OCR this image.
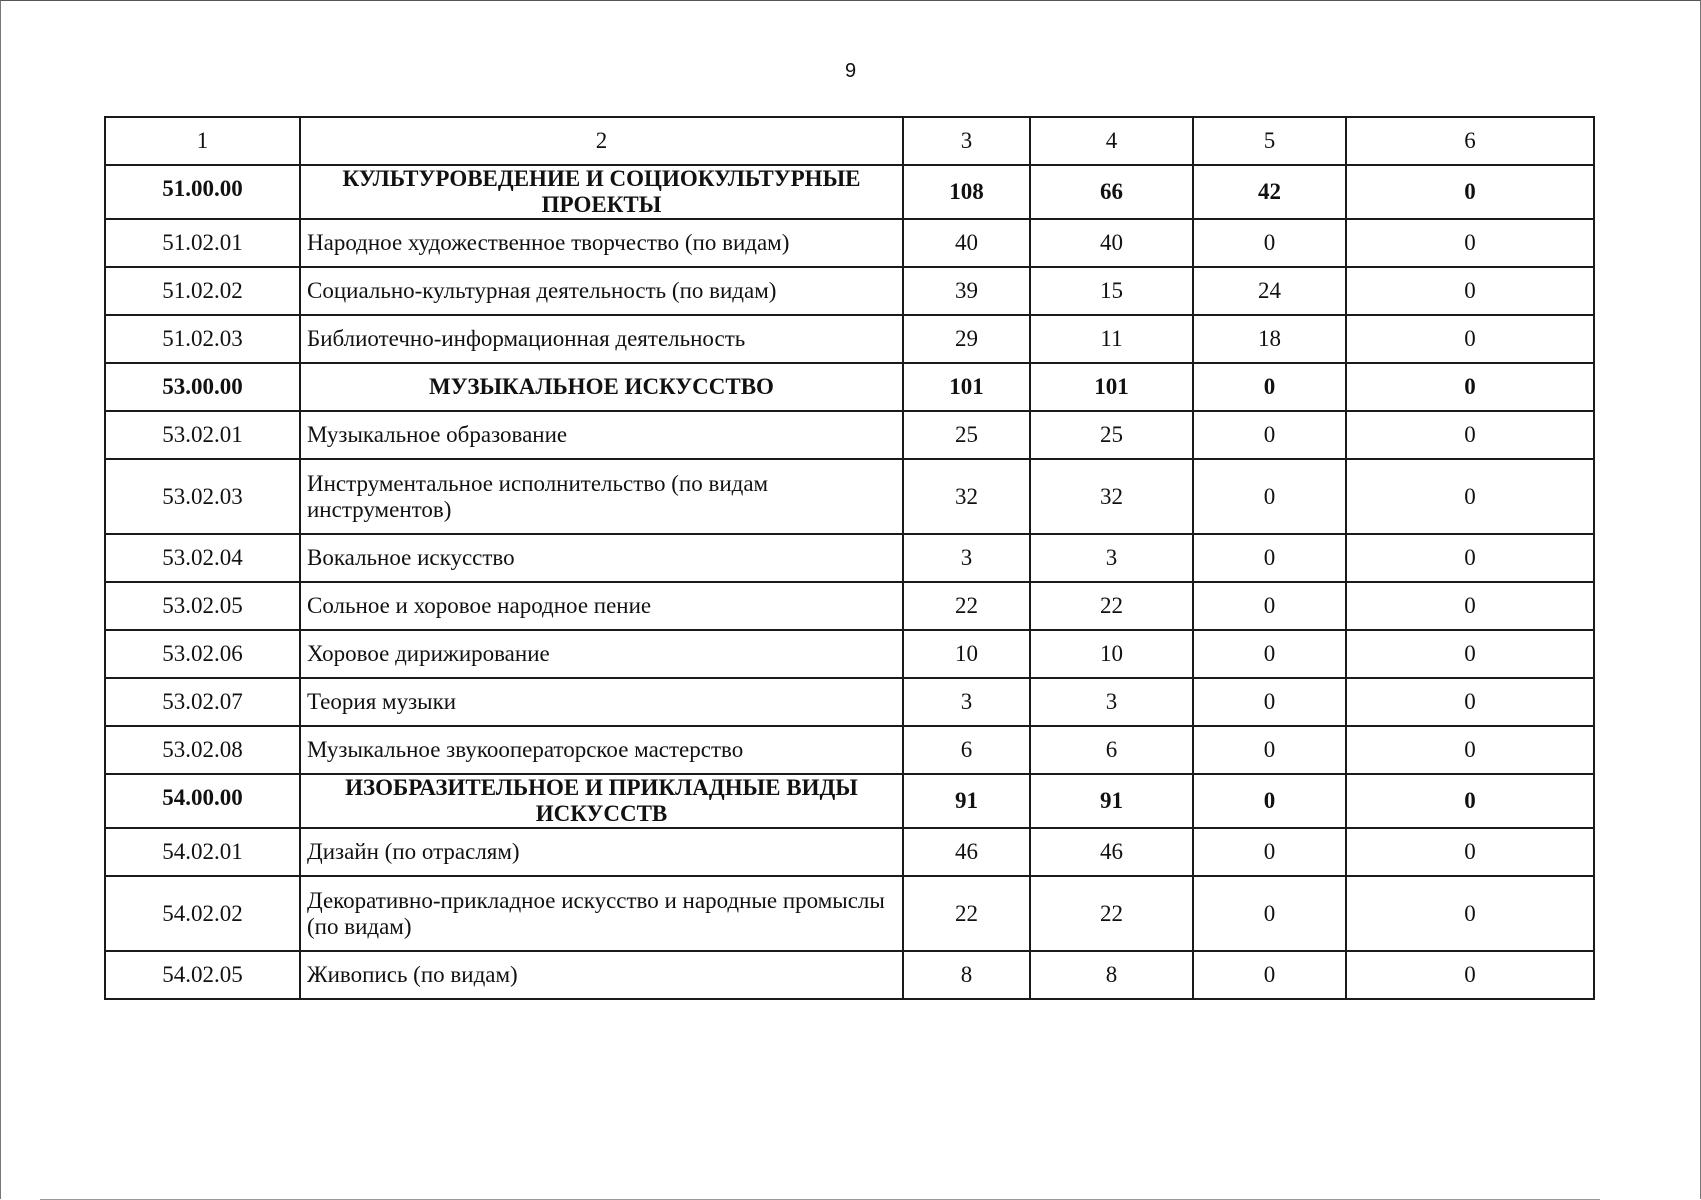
9
1	2	3	4	5	6
51.00.00	КУЛЬТУРОВЕДЕНИЕ И СОЦИОКУЛЬТУРНЫЕ ПРОЕКТЫ	108	66	42	0
51.02.01	Народное художественное творчество (по видам)	40	40	0	0
51.02.02	Социально-культурная деятельность (по видам)	39	15	24	0
51.02.03	Библиотечно-информационная деятельность	29	11	18	0
53.00.00	МУЗЫКАЛЬНОЕ ИСКУССТВО	101	101	0	0
53.02.01	Музыкальное образование	25	25	0	0
53.02.03	Инструментальное исполнительство (по видам инструментов)	32	32	0	0
53.02.04	Вокальное искусство	3	3	0	0
53.02.05	Сольное и хоровое народное пение	22	22	0	0
53.02.06	Хоровое дирижирование	10	10	0	0
53.02.07	Теория музыки	3	3	0	0
53.02.08	Музыкальное звукооператорское мастерство	6	6	0	0
54.00.00	ИЗОБРАЗИТЕЛЬНОЕ И ПРИКЛАДНЫЕ ВИДЫ ИСКУССТВ	91	91	0	0
54.02.01	Дизайн (по отраслям)	46	46	0	0
54.02.02	Декоративно-прикладное искусство и народные промыслы (по видам)	22	22	0	0
54.02.05	Живопись (по видам)	8	8	0	0
